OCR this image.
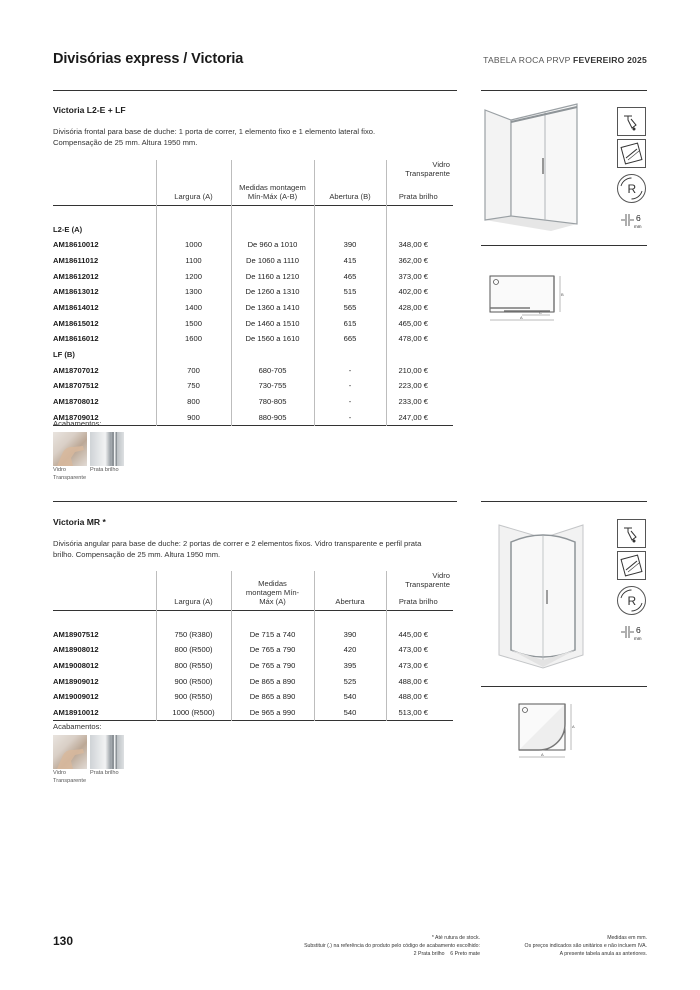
Divisórias express / Victoria	TABELA ROCA PRVP FEVEREIRO 2025
Victoria L2-E + LF
Divisória frontal para base de duche: 1 porta de correr, 1 elemento fixo e 1 elemento lateral fixo. Compensação de 25 mm. Altura 1950 mm.
	Largura (A)	Medidas montagem Mín-Máx (A-B)	Abertura (B)	Vidro Transparente
Prata brilho

L2-E (A)				
AM18610012	1000	De 960 a 1010	390	348,00 €
AM18611012	1100	De 1060 a 1110	415	362,00 €
AM18612012	1200	De 1160 a 1210	465	373,00 €
AM18613012	1300	De 1260 a 1310	515	402,00 €
AM18614012	1400	De 1360 a 1410	565	428,00 €
AM18615012	1500	De 1460 a 1510	615	465,00 €
AM18616012	1600	De 1560 a 1610	665	478,00 €
LF (B)				
AM18707012	700	680-705	-	210,00 €
AM18707512	750	730-755	-	223,00 €
AM18708012	800	780-805	-	233,00 €
AM18709012	900	880-905	-	247,00 €

Acabamentos:
Vidro Transparente
Prata brilho
R
6
mm
B
C
A
Victoria MR *
Divisória angular para base de duche: 2 portas de correr e 2 elementos fixos. Vidro transparente e perfil prata brilho. Compensação de 25 mm. Altura 1950 mm.
	Largura (A)	Medidas montagem Mín-Máx (A)	Abertura	Vidro Transparente
Prata brilho

AM18907512	750 (R380)	De 715 a 740	390	445,00 €
AM18908012	800 (R500)	De 765 a 790	420	473,00 €
AM19008012	800 (R550)	De 765 a 790	395	473,00 €
AM18909012	900 (R500)	De 865 a 890	525	488,00 €
AM19009012	900 (R550)	De 865 a 890	540	488,00 €
AM18910012	1000 (R500)	De 965 a 990	540	513,00 €

Acabamentos:
Vidro Transparente
Prata brilho
R
6
mm
A
A
130	* Até rutura de stock.
Substituir (.) na referência do produto pelo código de acabamento escolhido:
2 Prata brilho    6 Preto mate
Medidas em mm.
Os preços indicados são unitários e não incluem IVA.
A presente tabela anula as anteriores.
